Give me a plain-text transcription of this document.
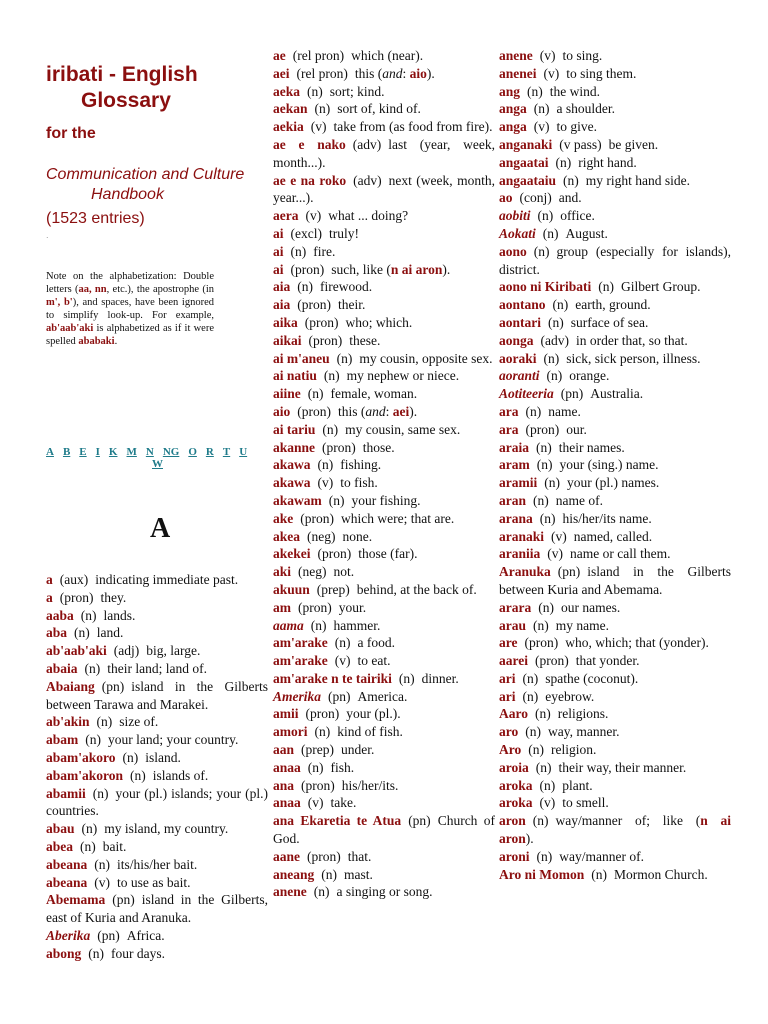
iribati - English
Glossary
for the
Communication and Culture
Handbook
(1523 entries)
.
Note on the alphabetization: Double letters (aa, nn, etc.), the apostrophe (in m', b'), and spaces, have been ignored to simplify look-up. For example, ab'aab'aki is alphabetized as if it were spelled ababaki.
A B E I K M N NG O R T U
W
A
a (aux) indicating immediate past.
a (pron) they.
aaba (n) lands.
aba (n) land.
ab'aab'aki (adj) big, large.
abaia (n) their land; land of.
Abaiang (pn) island in the Gilberts between Tarawa and Marakei.
ab'akin (n) size of.
abam (n) your land; your country.
abam'akoro (n) island.
abam'akoron (n) islands of.
abamii (n) your (pl.) islands; your (pl.) countries.
abau (n) my island, my country.
abea (n) bait.
abeana (n) its/his/her bait.
abeana (v) to use as bait.
Abemama (pn) island in the Gilberts, east of Kuria and Aranuka.
Aberika (pn) Africa.
abong (n) four days.
ae (rel pron) which (near).
aei (rel pron) this (and: aio).
aeka (n) sort; kind.
aekan (n) sort of, kind of.
aekia (v) take from (as food from fire).
ae e nako (adv) last (year, week, month...).
ae e na roko (adv) next (week, month, year...).
aera (v) what ... doing?
ai (excl) truly!
ai (n) fire.
ai (pron) such, like (n ai aron).
aia (n) firewood.
aia (pron) their.
aika (pron) who; which.
aikai (pron) these.
ai m'aneu (n) my cousin, opposite sex.
ai natiu (n) my nephew or niece.
aiine (n) female, woman.
aio (pron) this (and: aei).
ai tariu (n) my cousin, same sex.
akanne (pron) those.
akawa (n) fishing.
akawa (v) to fish.
akawam (n) your fishing.
ake (pron) which were; that are.
akea (neg) none.
akekei (pron) those (far).
aki (neg) not.
akuun (prep) behind, at the back of.
am (pron) your.
aama (n) hammer.
am'arake (n) a food.
am'arake (v) to eat.
am'arake n te tairiki (n) dinner.
Amerika (pn) America.
amii (pron) your (pl.).
amori (n) kind of fish.
aan (prep) under.
anaa (n) fish.
ana (pron) his/her/its.
anaa (v) take.
ana Ekaretia te Atua (pn) Church of God.
aane (pron) that.
aneang (n) mast.
anene (n) a singing or song.
anene (v) to sing.
anenei (v) to sing them.
ang (n) the wind.
anga (n) a shoulder.
anga (v) to give.
anganaki (v pass) be given.
angaatai (n) right hand.
angaataiu (n) my right hand side.
ao (conj) and.
aobiti (n) office.
Aokati (n) August.
aono (n) group (especially for islands), district.
aono ni Kiribati (n) Gilbert Group.
aontano (n) earth, ground.
aontari (n) surface of sea.
aonga (adv) in order that, so that.
aoraki (n) sick, sick person, illness.
aoranti (n) orange.
Aotiteeria (pn) Australia.
ara (n) name.
ara (pron) our.
araia (n) their names.
aram (n) your (sing.) name.
aramii (n) your (pl.) names.
aran (n) name of.
arana (n) his/her/its name.
aranaki (v) named, called.
araniia (v) name or call them.
Aranuka (pn) island in the Gilberts between Kuria and Abemama.
arara (n) our names.
arau (n) my name.
are (pron) who, which; that (yonder).
aarei (pron) that yonder.
ari (n) spathe (coconut).
ari (n) eyebrow.
Aaro (n) religions.
aro (n) way, manner.
Aro (n) religion.
aroia (n) their way, their manner.
aroka (n) plant.
aroka (v) to smell.
aron (n) way/manner of; like (n ai aron).
aroni (n) way/manner of.
Aro ni Momon (n) Mormon Church.
